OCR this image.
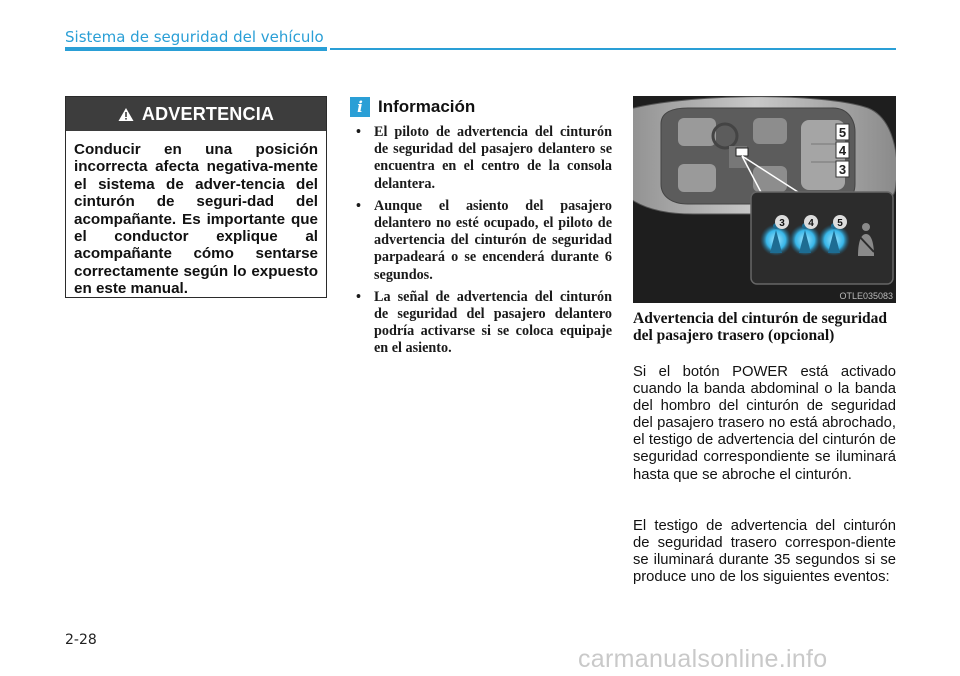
Sistema de seguridad del vehículo
ADVERTENCIA
Conducir en una posición incorrecta afecta negativa-mente el sistema de adver-tencia del cinturón de seguri-dad del acompañante. Es importante que el conductor explique al acompañante cómo sentarse correctamente según lo expuesto en este manual.
i Información
• El piloto de advertencia del cinturón de seguridad del pasajero delantero se encuentra en el centro de la consola delantera.
• Aunque el asiento del pasajero delantero no esté ocupado, el piloto de advertencia del cinturón de seguridad parpadeará o se encenderá durante 6 segundos.
• La señal de advertencia del cinturón de seguridad del pasajero delantero podría activarse si se coloca equipaje en el asiento.
5
4
3
3 4 5
OTLE035083
Advertencia del cinturón de seguridad del pasajero trasero (opcional)

Si el botón POWER está activado cuando la banda abdominal o la banda del hombro del cinturón de seguridad del pasajero trasero no está abrochado, el testigo de advertencia del cinturón de seguridad correspondiente se iluminará hasta que se abroche el cinturón.

El testigo de advertencia del cinturón de seguridad trasero correspon-diente se iluminará durante 35 segundos si se produce uno de los siguientes eventos:

2-28
carmanualsonline.info
